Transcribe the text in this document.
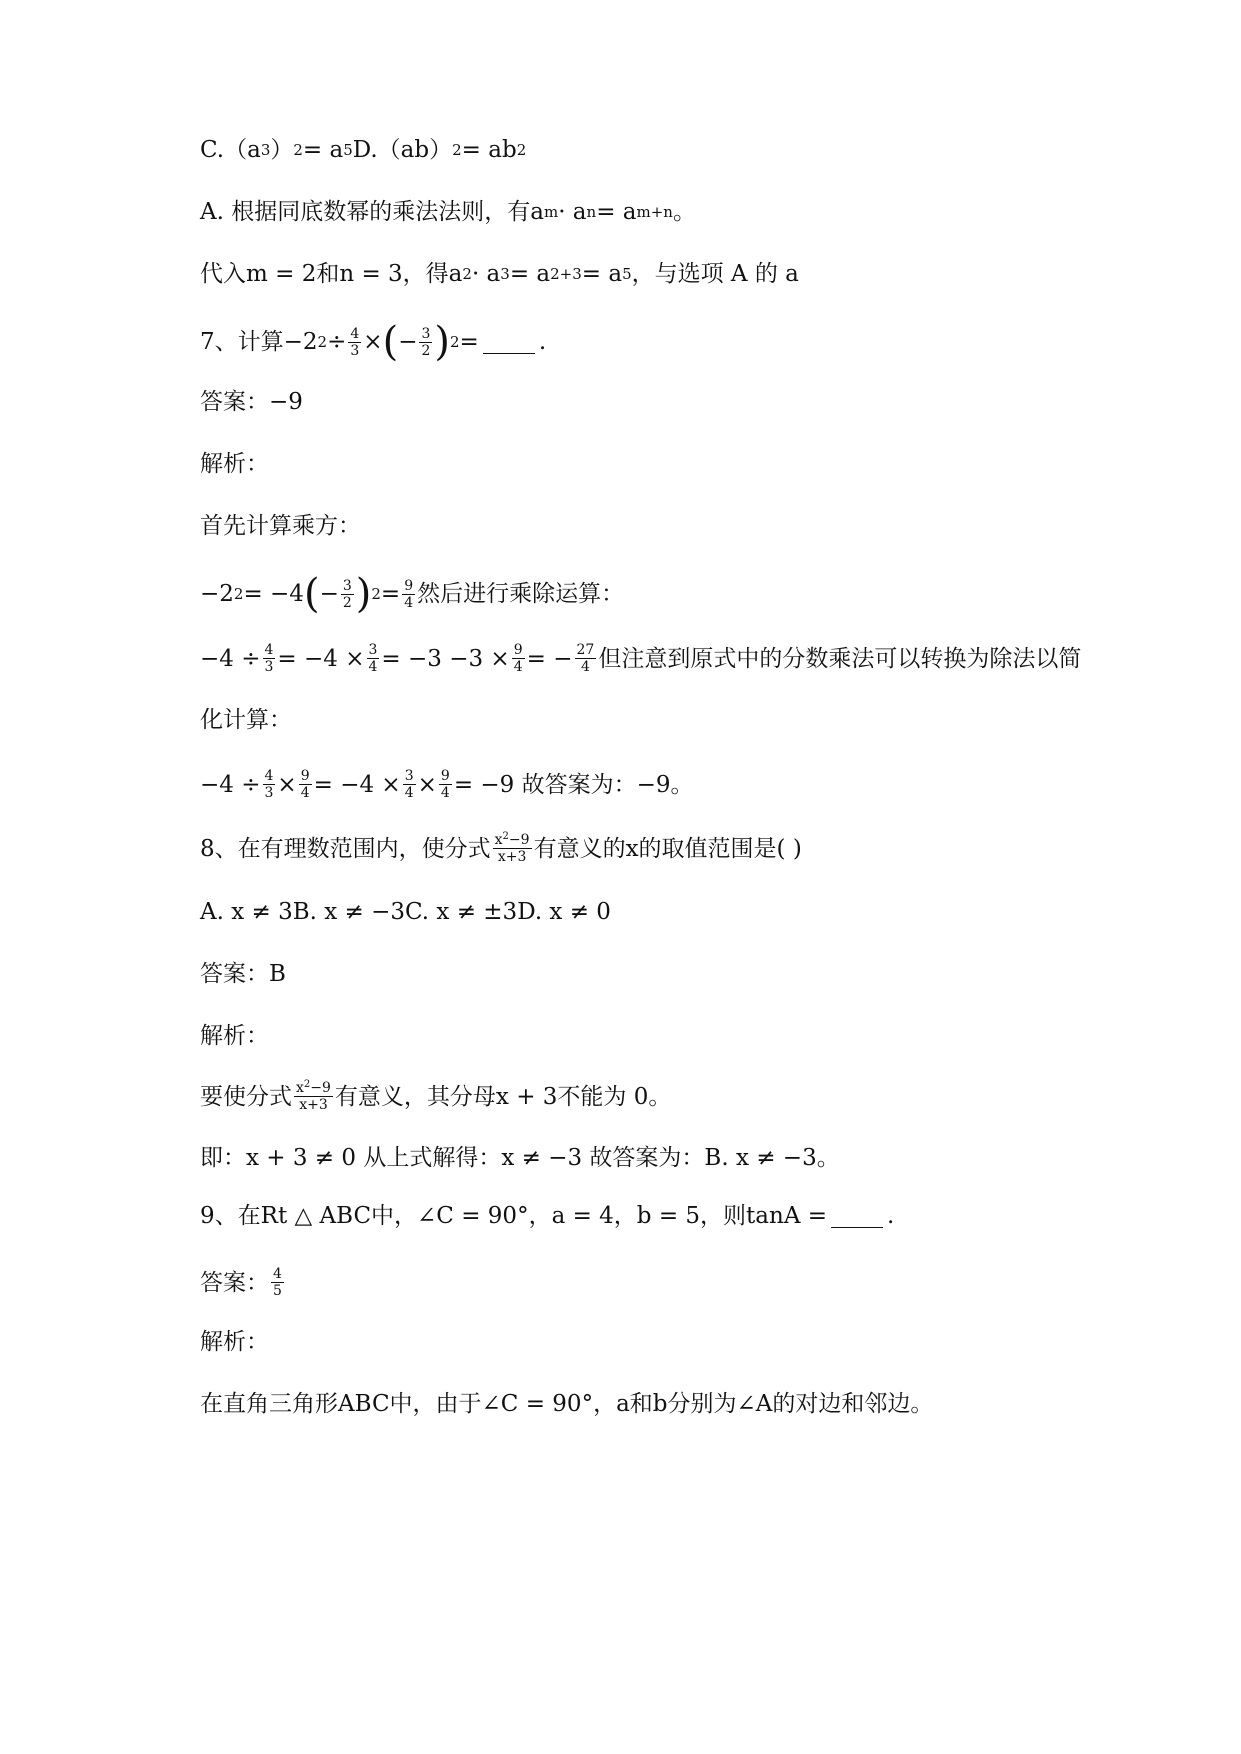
C.（a 3 ） 2 = a 5 D.（ab） 2 = ab 2
A. 根据同底数幂的乘法法则，有a m · a n = a m+n 。
代入m = 2和n = 3，得a 2 · a 3 = a 2+3 = a 5 ，与选项 A 的 a
7、计算−2 $2 \div \frac{4}{3}$ × ( − $\frac{3}{2}$ ) 2 =	.
答案：−9
解析：
首先计算乘方：
−2 2 = −4 ( − $\frac{3}{2}$ ) $2 = \frac{9}{4}$ 然后进行乘除运算：
$-4 \div \frac{4}{3} = -4 \times \frac{3}{4} = -3 -3 \times \frac{9}{4}$ = − $\frac{27}{4}$ 但注意到原式中的分数乘法可以转换为除法以简
化计算：
$-4 \div \frac{4}{3} \times \frac{9}{4} = -4 \times \frac{3}{4} \times \frac{9}{4} = -9$ 故答案为：−9。
8、在有理数范围内，使分式 $\frac{x^2-9}{x+3}$ 有意义的x的取值范围是( )
A. x ≠ 3B. x ≠ −3C. x ≠ ±3D. x ≠ 0
答案：B
解析：
要使分式 $\frac{x^2-9}{x+3}$ 有意义，其分母x + 3不能为 0。
即：x + 3 ≠ 0 从上式解得：x ≠ −3 故答案为：B. x ≠ −3。
9、在Rt △ ABC中，∠C = 90°，a = 4，b = 5，则tanA =	.
答案： $\frac{4}{5}$
解析：
在直角三角形ABC中，由于∠C = 90°，a和b分别为∠A的对边和邻边。
